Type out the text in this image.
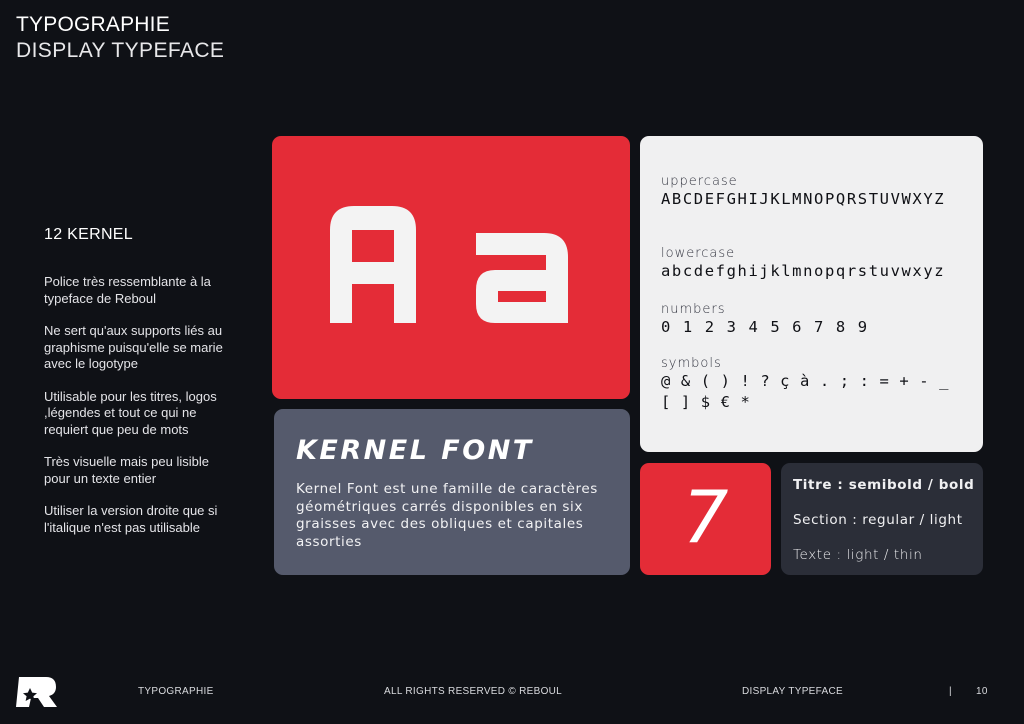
TYPOGRAPHIE
DISPLAY TYPEFACE
12 KERNEL

Police très ressemblante à la typeface de Reboul

Ne sert qu'aux supports liés au graphisme puisqu'elle se marie avec le logotype

Utilisable pour les titres, logos ,légendes et tout ce qui ne requiert que peu de mots

Très visuelle mais peu lisible pour un texte entier

Utiliser la version droite que si l'italique n'est pas utilisable

KERNEL FONT
Kernel Font est une famille de caractères géométriques carrés disponibles en six graisses avec des obliques et capitales assorties
uppercase
ABCDEFGHIJKLMNOPQRSTUVWXYZ
lowercase
abcdefghijklmnopqrstuvwxyz
numbers
0 1 2 3 4 5 6 7 8 9
symbols
@ & ( ) ! ? ç à . ; : = + - _ [ ] $ € *
7	Titre : semibold / bold
Section : regular / light
Texte : light / thin
TYPOGRAPHIE	ALL RIGHTS RESERVED © REBOUL	DISPLAY TYPEFACE	| 10
